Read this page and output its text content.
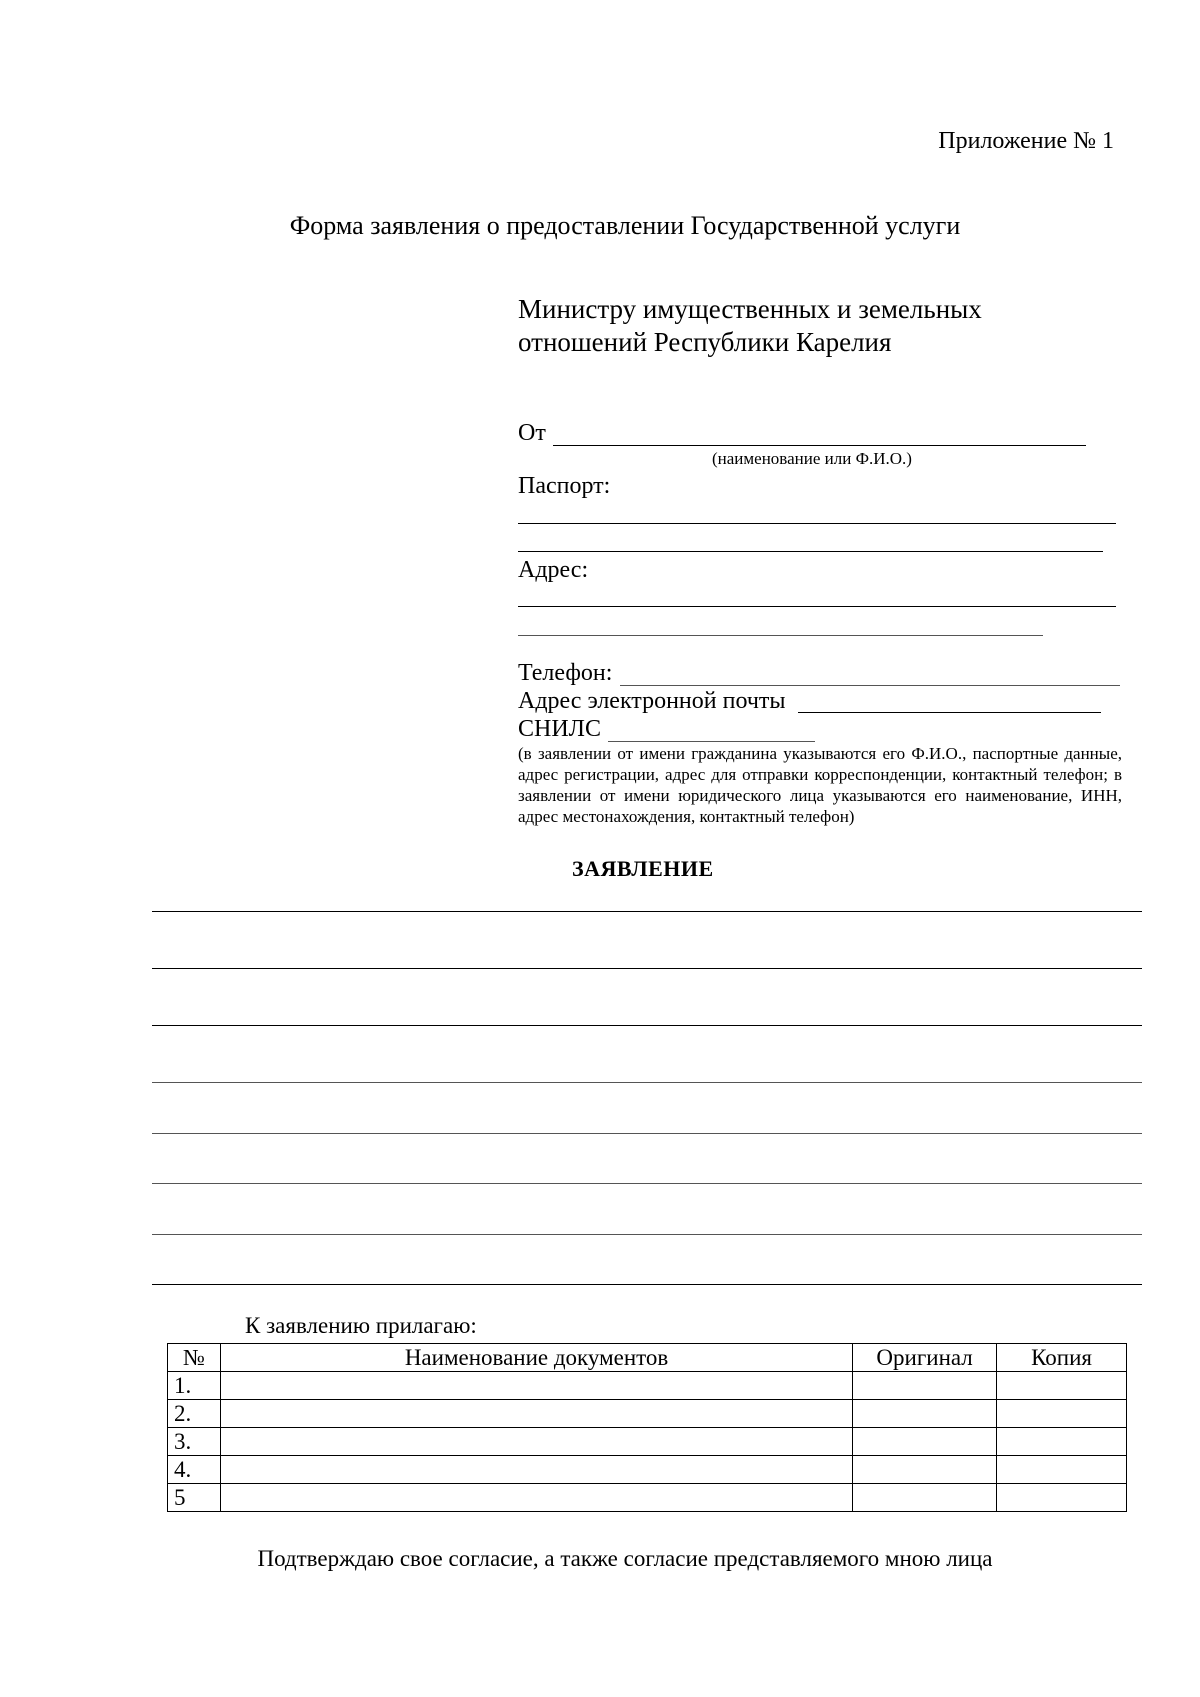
Приложение № 1
Форма заявления о предоставлении Государственной услуги
Министру имущественных и земельных
отношений Республики Карелия
От
(наименование или Ф.И.О.)
Паспорт:
Адрес:
Телефон:
Адрес электронной почты
СНИЛС
(в заявлении от имени гражданина указываются его Ф.И.О., паспортные данные, адрес регистрации, адрес для отправки корреспонденции, контактный телефон; в заявлении от имени юридического лица указываются его наименование, ИНН, адрес местонахождения, контактный телефон)
ЗАЯВЛЕНИЕ
К заявлению прилагаю:
№	Наименование документов	Оригинал	Копия
1.			
2.			
3.			
4.			
5			
Подтверждаю свое согласие, а также согласие представляемого мною лица
